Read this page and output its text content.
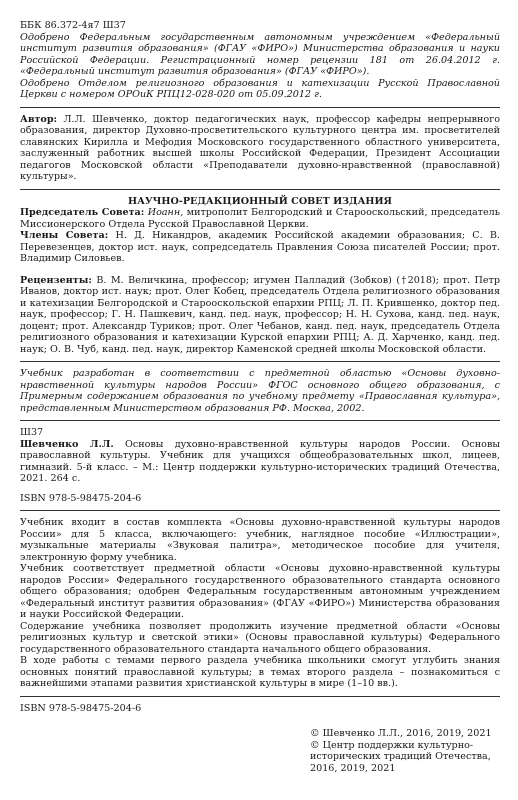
ББК 86.372-4я7 Ш37

Одобрено Федеральным государственным автономным учреждением «Федеральный институт развития образования» (ФГАУ «ФИРО») Министерства образования и науки Российской Федерации. Регистрационный номер рецензии 181 от 26.04.2012 г. «Федеральный институт развития образования» (ФГАУ «ФИРО»).

Одобрено Отделом религиозного образования и катехизации Русской Православной Церкви с номером ОРОиК РПЦ12-028-020 от 05.09.2012 г.

Автор: Л.Л. Шевченко, доктор педагогических наук, профессор кафедры непрерывного образования, директор Духовно-просветительского культурного центра им. просветителей славянских Кирилла и Мефодия Московского государственного областного университета, заслуженный работник высшей школы Российской Федерации, Президент Ассоциации педагогов Московской области «Преподаватели духовно-нравственной (православной) культуры».

НАУЧНО-РЕДАКЦИОННЫЙ СОВЕТ ИЗДАНИЯ

Председатель Совета: Иоанн, митрополит Белгородский и Старооскольский, председатель Миссионерского Отдела Русской Православной Церкви.

Члены Совета: Н. Д. Никандров, академик Российской академии образования; С. В. Перевезенцев, доктор ист. наук, сопредседатель Правления Союза писателей России; прот. Владимир Силовьев.

Рецензенты: В. М. Величкина, профессор; игумен Палладий (Зобков) (†2018); прот. Петр Иванов, доктор ист. наук; прот. Олег Кобец, председатель Отдела религиозного образования и катехизации Белгородской и Старооскольской епархии РПЦ; Л. П. Крившенко, доктор пед. наук, профессор; Г. Н. Пашкевич, канд. пед. наук, профессор; Н. Н. Сухова, канд. пед. наук, доцент; прот. Александр Туриков; прот. Олег Чебанов, канд. пед. наук, председатель Отдела религиозного образования и катехизации Курской епархии РПЦ; А. Д. Харченко, канд. пед. наук; О. В. Чуб, канд. пед. наук, директор Каменской средней школы Московской области.

Учебник разработан в соответствии с предметной областью «Основы духовно-нравственной культуры народов России» ФГОС основного общего образования, с Примерным содержанием образования по учебному предмету «Православная культура», представленным Министерством образования РФ. Москва, 2002.

Ш37

Шевченко Л.Л. Основы духовно-нравственной культуры народов России. Основы православной культуры. Учебник для учащихся общеобразовательных школ, лицеев, гимназий. 5-й класс. – М.: Центр поддержки культурно-исторических традиций Отечества, 2021. 264 с.

ISBN 978-5-98475-204-6

Учебник входит в состав комплекта «Основы духовно-нравственной культуры народов России» для 5 класса, включающего: учебник, наглядное пособие «Иллюстрации», музыкальные материалы «Звуковая палитра», методическое пособие для учителя, электронную форму учебника.

Учебник соответствует предметной области «Основы духовно-нравственной культуры народов России» Федерального государственного образовательного стандарта основного общего образования; одобрен Федеральным государственным автономным учреждением «Федеральный институт развития образования» (ФГАУ «ФИРО») Министерства образования и науки Российской Федерации.

Содержание учебника позволяет продолжить изучение предметной области «Основы религиозных культур и светской этики» (Основы православной культуры) Федерального государственного образовательного стандарта начального общего образования.

В ходе работы с темами первого раздела учебника школьники смогут углубить знания основных понятий православной культуры; в темах второго раздела – познакомиться с важнейшими этапами развития христианской культуры в мире (1–10 вв.).

ISBN 978-5-98475-204-6

© Шевченко Л.Л., 2016, 2019, 2021
© Центр поддержки культурно-
исторических традиций Отечества, 2016, 2019, 2021
